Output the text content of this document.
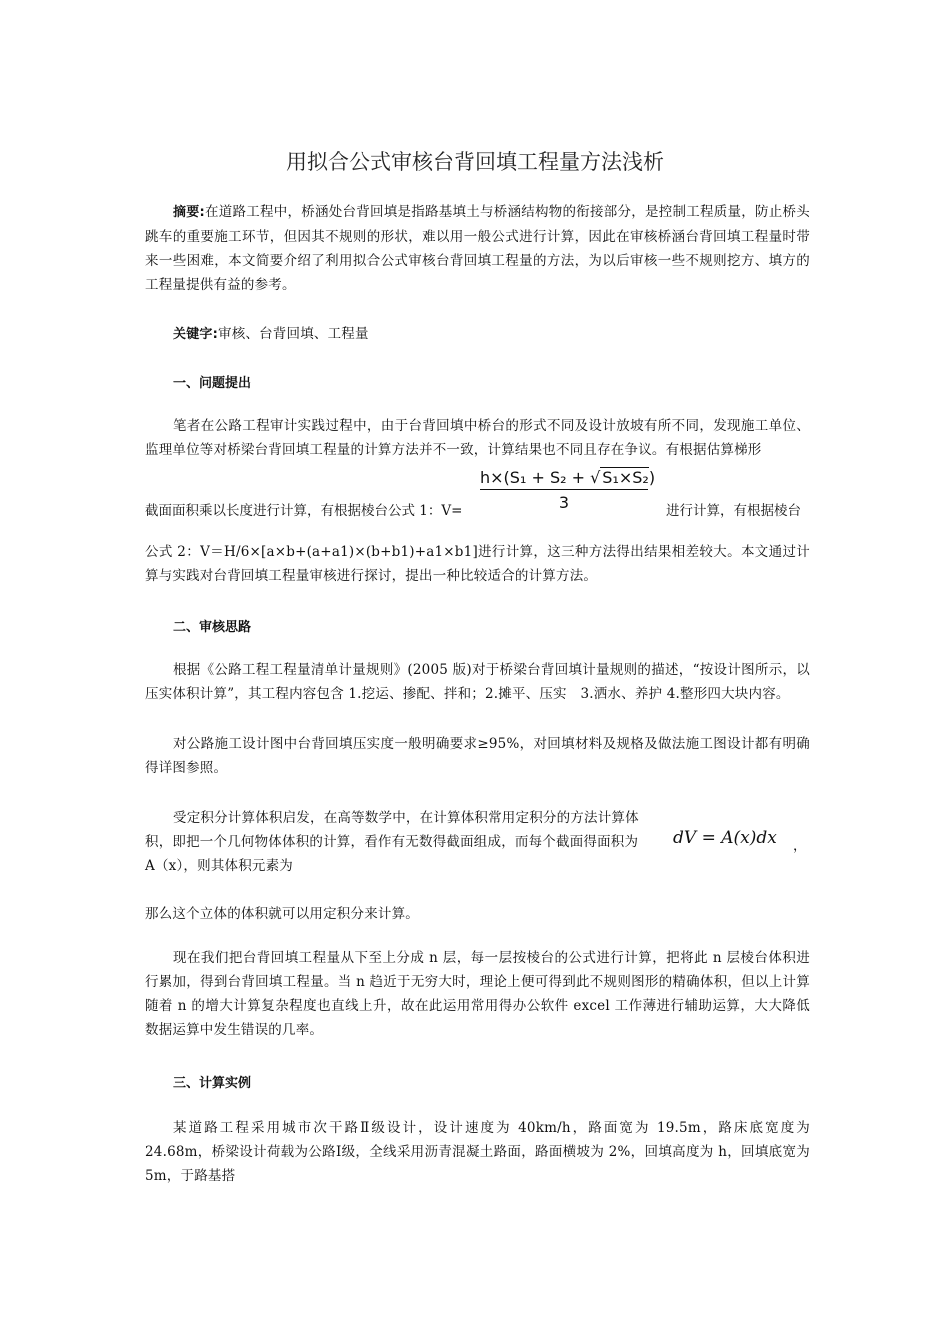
用拟合公式审核台背回填工程量方法浅析

摘要:在道路工程中，桥涵处台背回填是指路基填土与桥涵结构物的衔接部分，是控制工程质量，防止桥头跳车的重要施工环节，但因其不规则的形状，难以用一般公式进行计算，因此在审核桥涵台背回填工程量时带来一些困难，本文简要介绍了利用拟合公式审核台背回填工程量的方法，为以后审核一些不规则挖方、填方的工程量提供有益的参考。

关键字:审核、台背回填、工程量

一、问题提出

笔者在公路工程审计实践过程中，由于台背回填中桥台的形式不同及设计放坡有所不同，发现施工单位、监理单位等对桥梁台背回填工程量的计算方法并不一致，计算结果也不同且存在争议。有根据估算梯形

截面面积乘以长度进行计算，有根据棱台公式 1：$V= \frac{\text{h×(S₁ + S₂ + √ S₁×S₂)}}{3}$ 进行计算，有根据棱台

公式 2：V＝H/6×[a×b+(a+a1)×(b+b1)+a1×b1]进行计算，这三种方法得出结果相差较大。本文通过计算与实践对台背回填工程量审核进行探讨，提出一种比较适合的计算方法。

二、审核思路

根据《公路工程工程量清单计量规则》(2005 版)对于桥梁台背回填计量规则的描述，“按设计图所示，以压实体积计算”，其工程内容包含 1.挖运、掺配、拌和；2.摊平、压实　3.洒水、养护 4.整形四大块内容。

对公路施工设计图中台背回填压实度一般明确要求≥95%，对回填材料及规格及做法施工图设计都有明确得详图参照。

受定积分计算体积启发，在高等数学中，在计算体积常用定积分的方法计算体积，即把一个几何物体体积的计算，看作有无数得截面组成，而每个截面得面积为 A（x），则其体积元素为

dV = A(x)dx ，

那么这个立体的体积就可以用定积分来计算。

现在我们把台背回填工程量从下至上分成 n 层，每一层按棱台的公式进行计算，把将此 n 层棱台体积进行累加，得到台背回填工程量。当 n 趋近于无穷大时，理论上便可得到此不规则图形的精确体积，但以上计算随着 n 的增大计算复杂程度也直线上升，故在此运用常用得办公软件 excel 工作薄进行辅助运算，大大降低数据运算中发生错误的几率。

三、计算实例

某道路工程采用城市次干路Ⅱ级设计，设计速度为 40km/h，路面宽为 19.5m，路床底宽度为 24.68m，桥梁设计荷载为公路Ⅰ级，全线采用沥青混凝土路面，路面横坡为 2%，回填高度为 h，回填底宽为 5m，于路基搭
